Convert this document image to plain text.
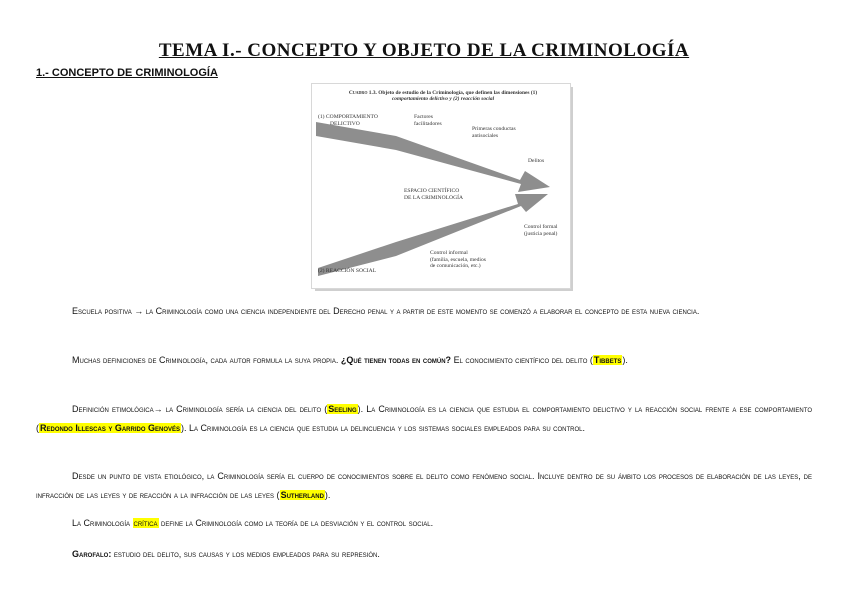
TEMA I.- CONCEPTO Y OBJETO DE LA CRIMINOLOGÍA
1.- CONCEPTO DE CRIMINOLOGÍA
Cuadro 1.3. Objeto de estudio de la Criminología, que definen las dimensiones (1)
comportamiento delictivo y (2) reacción social
(1) COMPORTAMIENTO
DELICTIVO
Factores
facilitadores
Primeras conductas
antisociales
Delitos
ESPACIO CIENTÍFICO
DE LA CRIMINOLOGÍA
Control formal
(justicia penal)
Control informal
(familia, escuela, medios
de comunicación, etc.)
(2) REACCIÓN SOCIAL
Escuela positiva → la Criminología como una ciencia independiente del Derecho penal y a partir de este momento se comenzó a elaborar el concepto de esta nueva ciencia.
Muchas definiciones de Criminología, cada autor formula la suya propia. ¿Qué tienen todas en común? El conocimiento científico del delito (Tibbets).
Definición etimológica→ la Criminología sería la ciencia del delito (Seeling). La Criminología es la ciencia que estudia el comportamiento delictivo y la reacción social frente a ese comportamiento (Redondo Illescas y Garrido Genovés). La Criminología es la ciencia que estudia la delincuencia y los sistemas sociales empleados para su control.
Desde un punto de vista etiológico, la Criminología sería el cuerpo de conocimientos sobre el delito como fenómeno social. Incluye dentro de su ámbito los procesos de elaboración de las leyes, de infracción de las leyes y de reacción a la infracción de las leyes (Sutherland).
La Criminología crítica define la Criminología como la teoría de la desviación y el control social.
Garofalo: estudio del delito, sus causas y los medios empleados para su represión.
